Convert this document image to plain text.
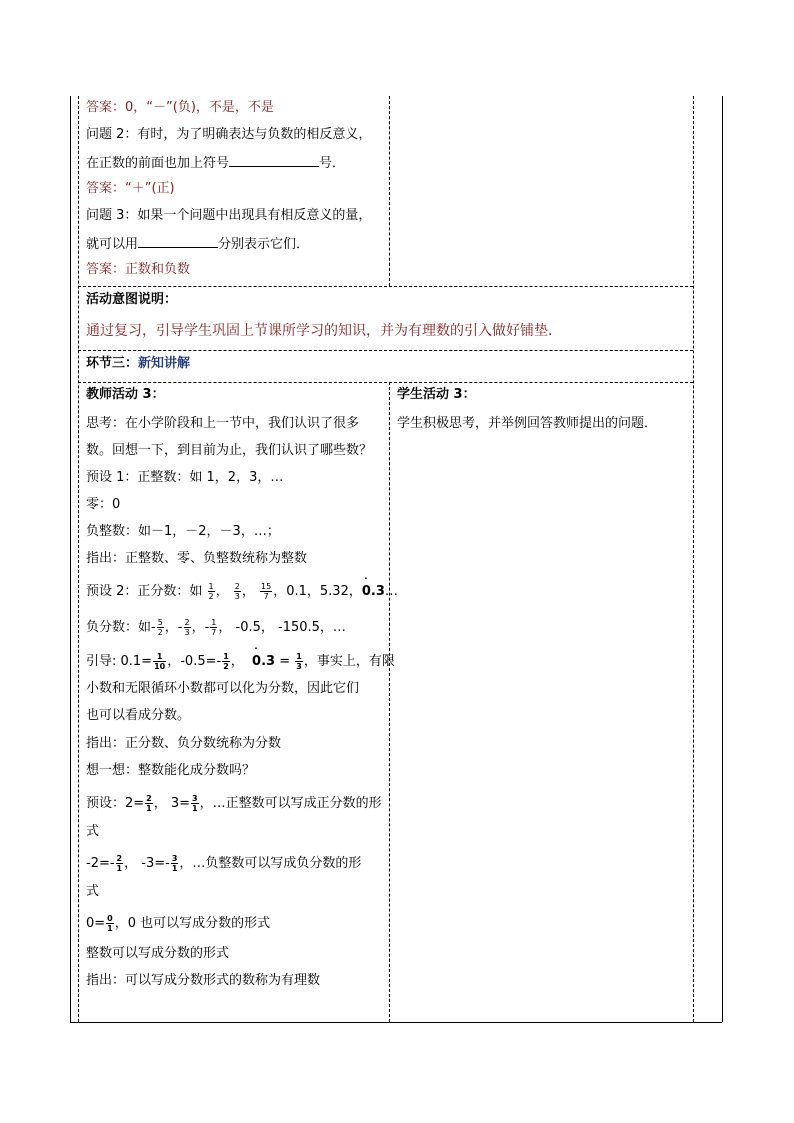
答案：0，“－”(负)，不是，不是
问题 2：有时，为了明确表达与负数的相反意义，
在正数的前面也加上符号	号．
答案：“＋”(正)
问题 3：如果一个问题中出现具有相反意义的量，
就可以用	分别表示它们．
答案：正数和负数
活动意图说明：
通过复习，引导学生巩固上节课所学习的知识，并为有理数的引入做好铺垫．
环节三：新知讲解
教师活动 3：
思考：在小学阶段和上一节中，我们认识了很多
数。回想一下，到目前为止，我们认识了哪些数？
预设 1：正整数：如 1，2，3，…
零：0
负整数：如－1，－2，－3，…；
指出：正整数、零、负整数统称为整数
预设 2：正分数：如 $\frac{1}{2}$ ， $\frac{2}{3}$ ， $\frac{15}{7}$ ，0.1，5.32，0.3 ˙…
负分数：如- $\frac{5}{2}$ ，- $\frac{2}{3}$ ，- $\frac{1}{7}$ ， -0.5， -150.5，…
引导: $0.1= \frac{1}{10}$ ，$-0.5=- \frac{1}{2}$ ，  0.3 ˙ = $\frac{1}{3}$ ，事实上，有限
小数和无限循环小数都可以化为分数，因此它们
也可以看成分数。
指出：正分数、负分数统称为分数
想一想：整数能化成分数吗？
预设：$2= \frac{2}{1}$ ， $3= \frac{3}{1}$ ，…正整数可以写成正分数的形
式
$-2=- \frac{2}{1}$ ， $-3=- \frac{3}{1}$ ，…负整数可以写成负分数的形
式
$0= \frac{0}{1}$ ，0 也可以写成分数的形式
整数可以写成分数的形式
指出：可以写成分数形式的数称为有理数
学生活动 3：
学生积极思考，并举例回答教师提出的问题．
